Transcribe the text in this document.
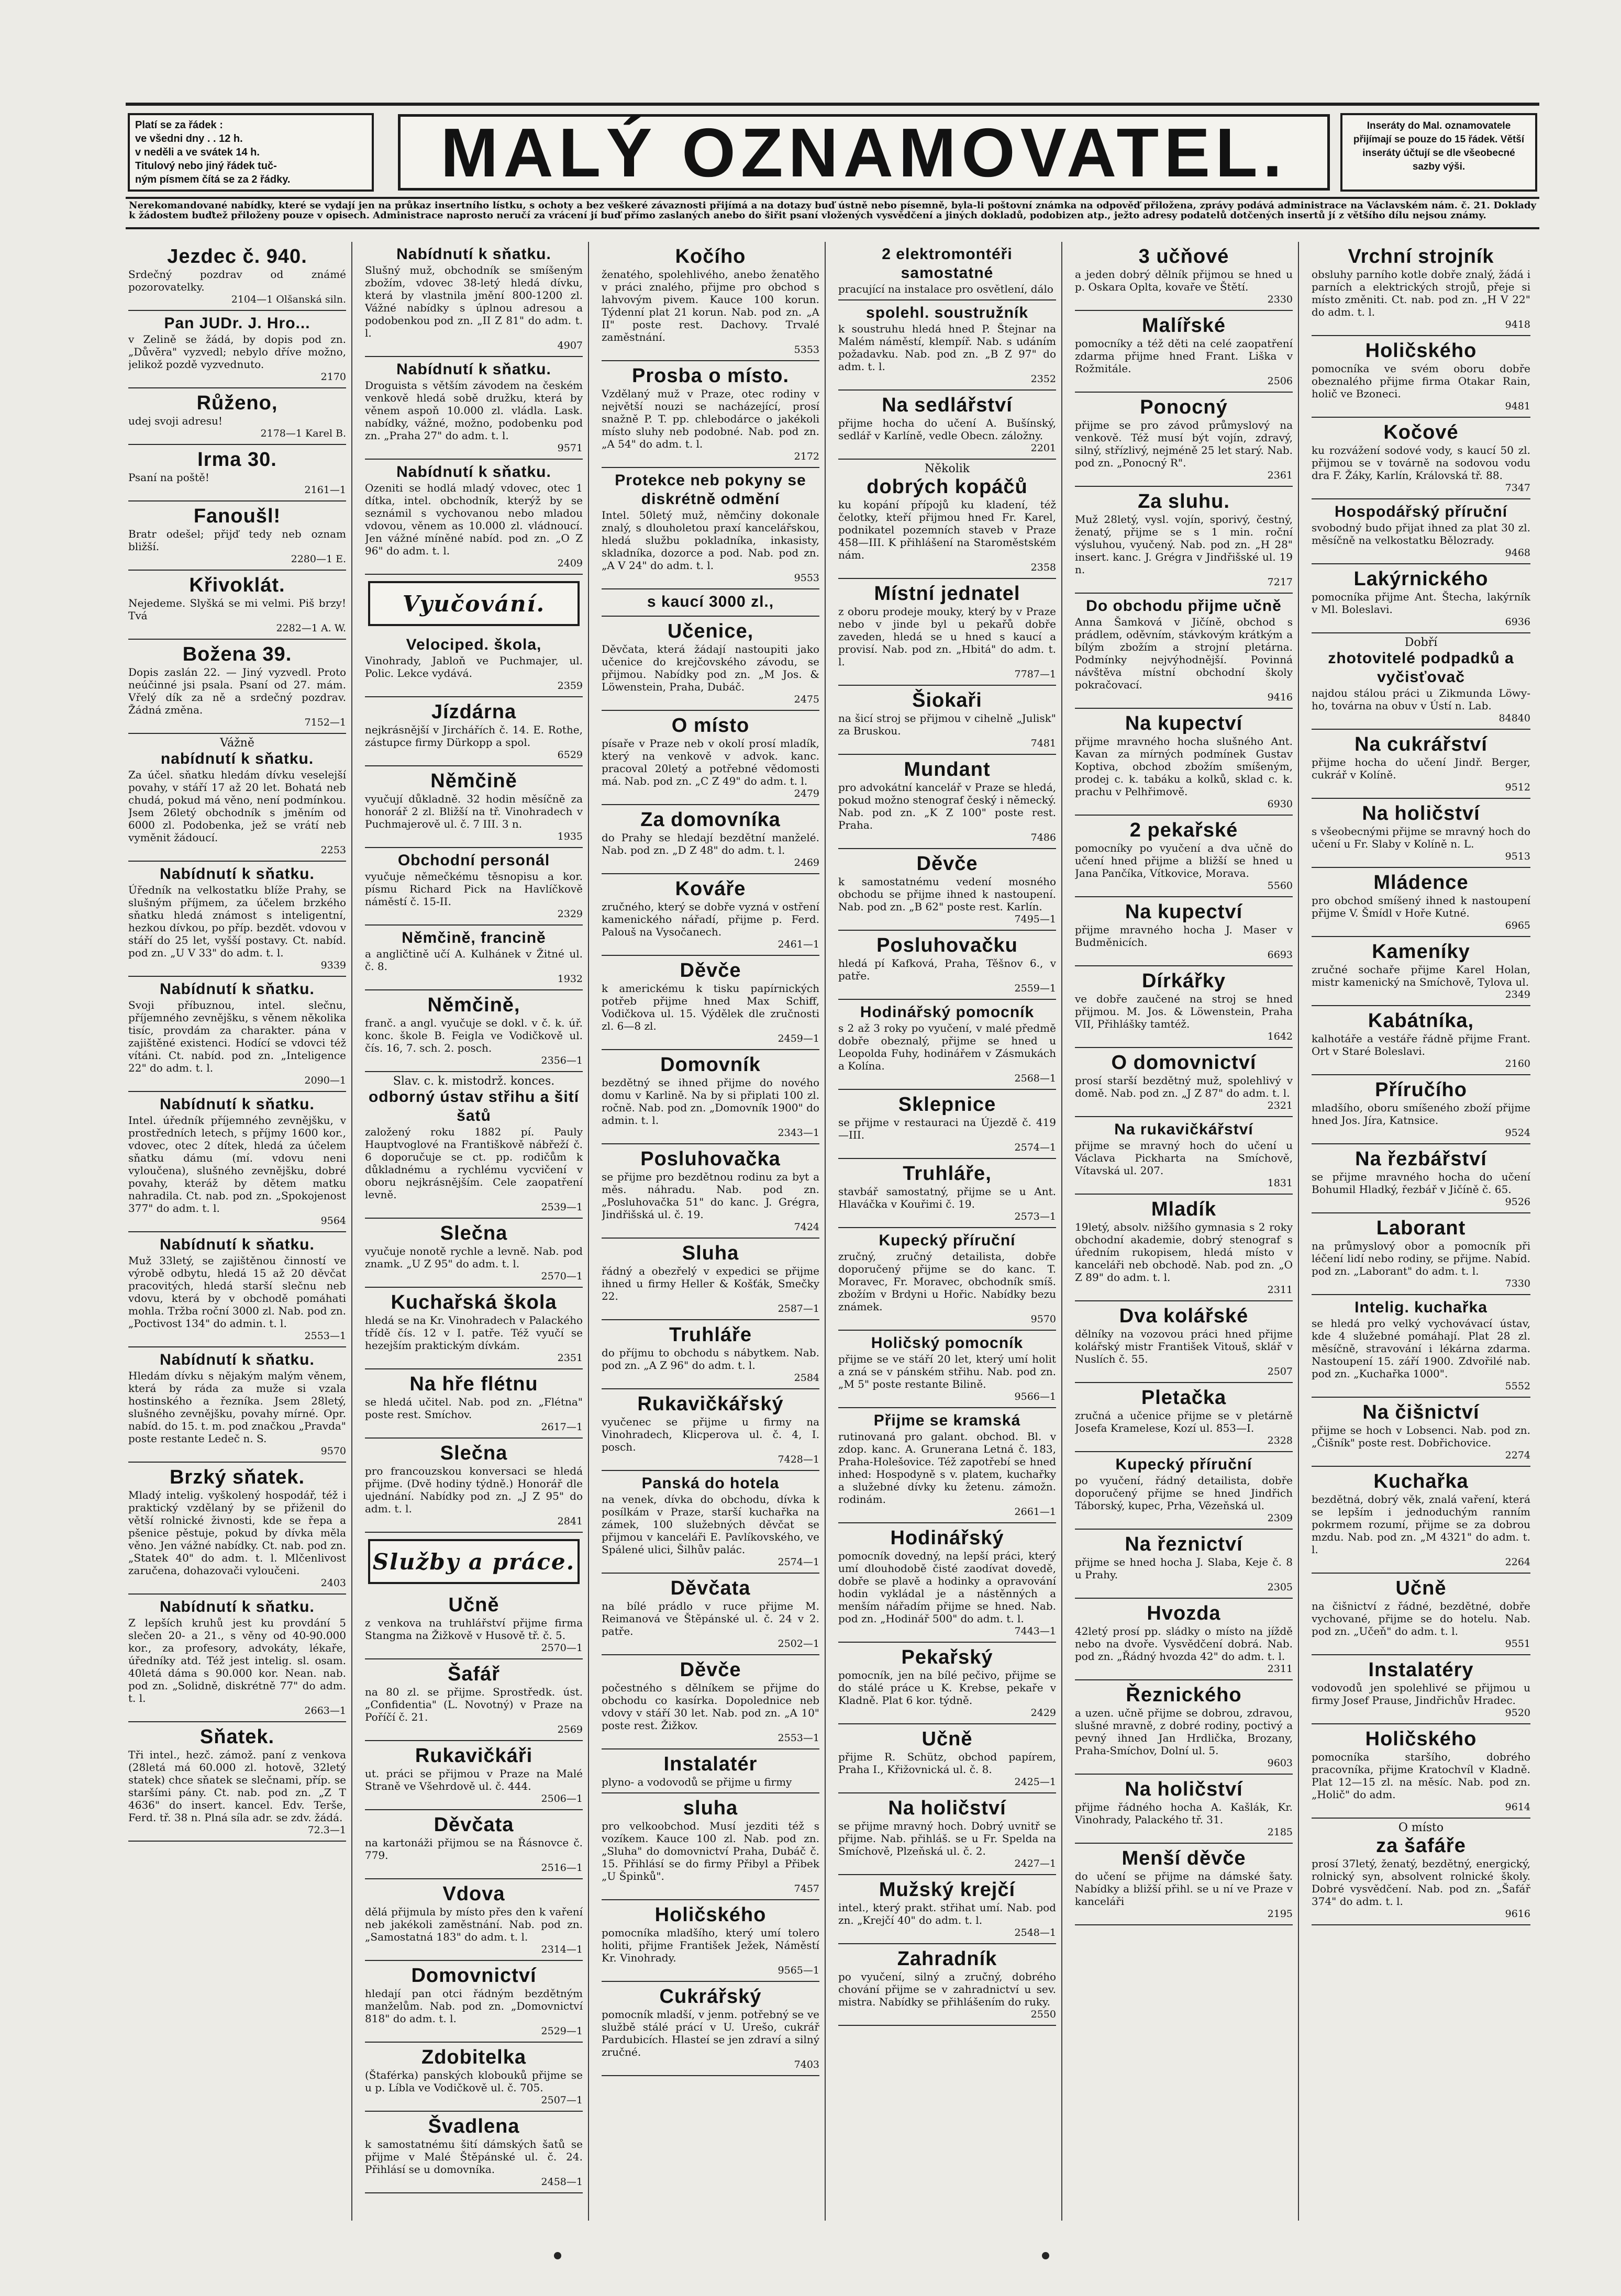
Platí se za řádek :
ve všedni dny . . 12 h.
v neděli a ve svátek 14 h.
Titulový nebo jiný řádek tuč-
ným písmem čítá se za 2 řádky.	MALÝ OZNAMOVATEL.	Inseráty do Mal. oznamovatele přijímají se pouze do 15 řádek. Větší inseráty účtují se dle všeobecné sazby výši.
Nerekomandované nabídky, které se vydají jen na průkaz insertního lístku, s ochoty a bez veškeré závaznosti přijímá a na dotazy buď ústně nebo písemně, byla-li poštovní známka na odpověď přiložena, zprávy podává administrace na Václavském nám. č. 21. Doklady k žádostem buďtež přiloženy pouze v opisech. Administrace naprosto neručí za vrácení jí buď přímo zaslaných anebo do šiřit psaní vložených vysvědčení a jiných dokladů, podobizen atp., ježto adresy podatelů dotčených insertů jí z většího dílu nejsou známy.
Jezdec č. 940.
Srdečný pozdrav od známé pozorovatelky.
2104—1 Olšanská siln.
Pan JUDr. J. Hro...
v Zelině se žádá, by dopis pod zn. „Důvěra" vyzvedl; nebylo dříve možno, jelikož pozdě vyzvednuto.
2170
Růženo,
udej svoji adresu!
2178—1 Karel B.
Irma 30.
Psaní na poště!
2161—1
Fanoušl!
Bratr odešel; přijď tedy neb oznam bližší.
2280—1 E.
Křivoklát.
Nejedeme. Slyšká se mi velmi. Piš brzy! Tvá
2282—1 A. W.
Božena 39.
Dopis zaslán 22. — Jiný vyzvedl. Proto neúčinné jsi psala. Psaní od 27. mám. Vřelý dík za ně a srdečný pozdrav. Žádná změna.
7152—1
Vážně
nabídnutí k sňatku.
Za účel. sňatku hledám dívku veselejší povahy, v stáří 17 až 20 let. Bohatá neb chudá, pokud má věno, není podmínkou. Jsem 26letý obchodník s jměním od 6000 zl. Podobenka, jež se vrátí neb vyměnit žádoucí.
2253
Nabídnutí k sňatku.
Úředník na velkostatku blíže Prahy, se slušným příjmem, za účelem brzkého sňatku hledá známost s inteligentní, hezkou dívkou, po příp. bezdět. vdovou v stáří do 25 let, vyšší postavy. Ct. nabíd. pod zn. „U V 33" do adm. t. l.
9339
Nabídnutí k sňatku.
Svoji příbuznou, intel. slečnu, příjemného zevnějšku, s věnem několika tisíc, provdám za charakter. pána v zajištěné existenci. Hodící se vdovci též vítáni. Ct. nabíd. pod zn. „Inteligence 22" do adm. t. l.
2090—1
Nabídnutí k sňatku.
Intel. úředník příjemného zevnějšku, v prostředních letech, s příjmy 1600 kor., vdovec, otec 2 dítek, hledá za účelem sňatku dámu (mí. vdovu neni vyloučena), slušného zevnějšku, dobré povahy, kteráž by dětem matku nahradila. Ct. nab. pod zn. „Spokojenost 377" do adm. t. l.
9564
Nabídnutí k sňatku.
Muž 33letý, se zajištěnou činností ve výrobě odbytu, hledá 15 až 20 děvčat pracovitých, hledá starší slečnu neb vdovu, která by v obchodě pomáhati mohla. Tržba roční 3000 zl. Nab. pod zn. „Poctivost 134" do admin. t. l.
2553—1
Nabídnutí k sňatku.
Hledám dívku s nějakým malým věnem, která by ráda za muže si vzala hostinského a řezníka. Jsem 28letý, slušného zevnějšku, povahy mírné. Opr. nabíd. do 15. t. m. pod značkou „Pravda" poste restante Ledeč n. S.
9570
Brzký sňatek.
Mladý intelig. vyškolený hospodář, též i praktický vzdělaný by se přiženil do větší rolnické živnosti, kde se řepa a pšenice pěstuje, pokud by dívka měla věno. Jen vážné nabídky. Ct. nab. pod zn. „Statek 40" do adm. t. l. Mlčenlivost zaručena, dohazovači vyloučeni.
2403
Nabídnutí k sňatku.
Z lepších kruhů jest ku provdání 5 slečen 20- a 21., s věny od 40-90.000 kor., za profesory, advokáty, lékaře, úředníky atd. Též jest intelig. sl. osam. 40letá dáma s 90.000 kor. Nean. nab. pod zn. „Solidně, diskrétně 77" do adm. t. l.
2663—1
Sňatek.
Tři intel., hezč. zámož. paní z venkova (28letá má 60.000 zl. hotově, 32letý statek) chce sňatek se slečnami, příp. se staršími pány. Ct. nab. pod zn. „Z T 4636" do insert. kancel. Edv. Terše, Ferd. tř. 38 n. Plná síla adr. se zdv. žádá.
72.3—1
Nabídnutí k sňatku.
Slušný muž, obchodník se smíšeným zbožím, vdovec 38-letý hledá dívku, která by vlastnila jmění 800-1200 zl. Vážné nabídky s úplnou adresou a podobenkou pod zn. „II Z 81" do adm. t. l.
4907
Nabídnutí k sňatku.
Droguista s větším závodem na českém venkově hledá sobě družku, která by věnem aspoň 10.000 zl. vládla. Lask. nabídky, vážné, možno, podobenku pod zn. „Praha 27" do adm. t. l.
9571
Nabídnutí k sňatku.
Ozeniti se hodlá mladý vdovec, otec 1 dítka, intel. obchodník, kterýž by se seznámil s vychovanou nebo mladou vdovou, věnem as 10.000 zl. vládnoucí. Jen vážné míněné nabíd. pod zn. „O Z 96" do adm. t. l.
2409
Vyučování.
Velociped. škola,
Vinohrady, Jabloň ve Puchmajer, ul. Polic. Lekce vydává.
2359
Jízdárna
nejkrásnější v Jirchářích č. 14. E. Rothe, zástupce firmy Dürkopp a spol.
6529
Němčině
vyučují důkladně. 32 hodin měsíčně za honorář 2 zl. Bližší na tř. Vinohradech v Puchmajerově ul. č. 7 III. 3 n.
1935
Obchodní personál
vyučuje němečkému těsnopisu a kor. písmu Richard Pick na Havlíčkově náměstí č. 15-II.
2329
Němčině, francině
a angličtině učí A. Kulhánek v Žitné ul. č. 8.
1932
Němčině,
franč. a angl. vyučuje se dokl. v č. k. úř. konc. škole B. Feigla ve Vodičkově ul. čís. 16, 7. sch. 2. posch.
2356—1
Slav. c. k. mistodrž. konces.
odborný ústav střihu a šití šatů
založený roku 1882 pí. Pauly Hauptvoglové na Františkově nábřeží č. 6 doporučuje se ct. pp. rodičům k důkladnému a rychlému vycvičení v oboru nejkrásnějším. Cele zaopatření levně.
2539—1
Slečna
vyučuje nonotě rychle a levně. Nab. pod znamk. „U Z 95" do adm. t. l.
2570—1
Kuchařská škola
hledá se na Kr. Vinohradech v Palackého třídě čís. 12 v I. patře. Též vyučí se hezejším praktickým dívkám.
2351
Na hře flétnu
se hledá učitel. Nab. pod zn. „Flétna" poste rest. Smíchov.
2617—1
Slečna
pro francouzskou konversaci se hledá přijme. (Dvě hodiny týdně.) Honorář dle ujednání. Nabídky pod zn. „J Z 95" do adm. t. l.
2841
Služby a práce.
Učně
z venkova na truhlářství přijme firma Stangma na Žižkově v Husově tř. č. 5.
2570—1
Šafář
na 80 zl. se přijme. Sprostředk. úst. „Confidentia" (L. Novotný) v Praze na Poříčí č. 21.
2569
Rukavičkáři
ut. práci se přijmou v Praze na Malé Straně ve Všehrdově ul. č. 444.
2506—1
Děvčata
na kartonáži přijmou se na Řásnovce č. 779.
2516—1
Vdova
dělá přijmula by místo přes den k vaření neb jakékoli zaměstnání. Nab. pod zn. „Samostatná 183" do adm. t. l.
2314—1
Domovnictví
hledají pan otci řádným bezdětným manželům. Nab. pod zn. „Domovnictví 818" do adm. t. l.
2529—1
Zdobitelka
(Štaférka) panských klobouků přijme se u p. Líbla ve Vodičkově ul. č. 705.
2507—1
Švadlena
k samostatnému šití dámských šatů se přijme v Malé Štěpánské ul. č. 24. Přihlásí se u domovníka.
2458—1
Kočího
ženatého, spolehlivého, anebo ženatěho v práci znalého, přijme pro obchod s lahvovým pivem. Kauce 100 korun. Týdenní plat 21 korun. Nab. pod zn. „A II" poste rest. Dachovy. Trvalé zaměstnání.
5353
Prosba o místo.
Vzdělaný muž v Praze, otec rodiny v největší nouzi se nacházející, prosí snažně P. T. pp. chlebodárce o jakékoli místo sluhy neb podobné. Nab. pod zn. „A 54" do adm. t. l.
2172
Protekce neb pokyny se diskrétně odmění
Intel. 50letý muž, němčiny dokonale znalý, s dlouholetou praxí kancelářskou, hledá službu pokladníka, inkasisty, skladníka, dozorce a pod. Nab. pod zn. „A V 24" do adm. t. l.
9553
s kaucí 3000 zl.,
Učenice,
Děvčata, která žádají nastoupiti jako učenice do krejčovského závodu, se přijmou. Nabídky pod zn. „M Jos. & Löwenstein, Praha, Dubáč.
2475
O místo
písaře v Praze neb v okolí prosí mladík, který na venkově v advok. kanc. pracoval 20letý a potřebné vědomosti má. Nab. pod zn. „C Z 49" do adm. t. l.
2479
Za domovníka
do Prahy se hledají bezdětní manželé. Nab. pod zn. „D Z 48" do adm. t. l.
2469
Kováře
zručného, který se dobře vyzná v ostření kamenického nářadí, přijme p. Ferd. Palouš na Vysočanech.
2461—1
Děvče
k americkému k tisku papírnických potřeb přijme hned Max Schiff, Vodičkova ul. 15. Výdělek dle zručnosti zl. 6—8 zl.
2459—1
Domovník
bezdětný se ihned přijme do nového domu v Karlině. Na by si připlati 100 zl. ročně. Nab. pod zn. „Domovník 1900" do admin. t. l.
2343—1
Posluhovačka
se přijme pro bezdětnou rodinu za byt a měs. náhradu. Nab. pod zn. „Posluhovačka 51" do kanc. J. Grégra, Jindřišská ul. č. 19.
7424
Sluha
řádný a obezřelý v expedici se přijme ihned u firmy Heller & Košťák, Smečky 22.
2587—1
Truhláře
do příjmu to obchodu s nábytkem. Nab. pod zn. „A Z 96" do adm. t. l.
2584
Rukavičkářský
vyučenec se přijme u firmy na Vinohradech, Klicperova ul. č. 4, I. posch.
7428—1
Panská do hotela
na venek, dívka do obchodu, dívka k posílkám v Praze, starší kuchařka na zámek, 100 služebných děvčat se přijmou v kanceláři E. Pavlíkovského, ve Spálené ulici, Šilhův palác.
2574—1
Děvčata
na bílé prádlo v ruce přijme M. Reimanová ve Štěpánské ul. č. 24 v 2. patře.
2502—1
Děvče
počestného s dělníkem se přijme do obchodu co kasírka. Dopolednice neb vdovy v stáří 30 let. Nab. pod zn. „A 10" poste rest. Žižkov.
2553—1
Instalatér
plyno- a vodovodů se přijme u firmy
sluha
pro velkoobchod. Musí jezditi též s vozíkem. Kauce 100 zl. Nab. pod zn. „Sluha" do domovnictví Praha, Dubáč č. 15. Přihlásí se do firmy Přibyl a Přibek „U Špinků".
7457
Holičského
pomocníka mladšího, který umí tolero holiti, přijme František Ježek, Náměstí Kr. Vinohrady.
9565—1
Cukrářský
pomocník mladší, v jenm. potřebný se ve službě stálé prácí v U. Urešo, cukrář Pardubicích. Hlasteí se jen zdraví a silný zručné.
7403
2 elektromontéři samostatné
pracující na instalace pro osvětlení, dálo
spolehl. soustružník
k soustruhu hledá hned P. Štejnar na Malém náměstí, klempíř. Nab. s udáním požadavku. Nab. pod zn. „B Z 97" do adm. t. l.
2352
Na sedlářství
přijme hocha do učení A. Bušínský, sedlář v Karlíně, vedle Obecn. záložny.
2201
Několik
dobrých kopáčů
ku kopání přípojů ku kladení, též čelotky, kteří přijmou hned Fr. Karel, podnikatel pozemních staveb v Praze 458—III. K přihlášení na Staroměstském nám.
2358
Místní jednatel
z oboru prodeje mouky, který by v Praze nebo v jinde byl u pekařů dobře zaveden, hledá se u hned s kaucí a provisí. Nab. pod zn. „Hbitá" do adm. t. l.
7787—1
Šiokaři
na šicí stroj se přijmou v cihelně „Julisk" za Bruskou.
7481
Mundant
pro advokátní kancelář v Praze se hledá, pokud možno stenograf český i německý. Nab. pod zn. „K Z 100" poste rest. Praha.
7486
Děvče
k samostatnému vedení mosného obchodu se přijme ihned k nastoupení. Nab. pod zn. „B 62" poste rest. Karlín.
7495—1
Posluhovačku
hledá pí Kafková, Praha, Těšnov 6., v patře.
2559—1
Hodinářský pomocník
s 2 až 3 roky po vyučení, v malé předmě dobře obeznalý, přijme se hned u Leopolda Fuhy, hodinářem v Zásmukách a Kolína.
2568—1
Sklepnice
se přijme v restauraci na Újezdě č. 419—III.
2574—1
Truhláře,
stavbář samostatný, přijme se u Ant. Hlaváčka v Kouřimi č. 19.
2573—1
Kupecký příruční
zručný, zručný detailista, dobře doporučený přijme se do kanc. T. Moravec, Fr. Moravec, obchodník smíš. zbožím v Brdyni u Hořic. Nabídky bezu známek.
9570
Holičský pomocník
přijme se ve stáří 20 let, který umí holit a zná se v pánském střihu. Nab. pod zn. „M 5" poste restante Bilině.
9566—1
Přijme se kramská
rutinovaná pro galant. obchod. Bl. v zdop. kanc. A. Grunerana Letná č. 183, Praha-Holešovice. Též zapotřebí se hned inhed: Hospodyně s v. platem, kuchařky a služebné dívky ku žetenu. zámožn. rodinám.
2661—1
Hodinářský
pomocník dovedný, na lepší práci, který umí dlouhodobě čisté zaodívat dovedě, dobře se plavě a hodinky a opravování hodin vykládal je a nástěnných a menším nářadím přijme se hned. Nab. pod zn. „Hodinář 500" do adm. t. l.
7443—1
Pekařský
pomocník, jen na bílé pečivo, přijme se do stálé práce u K. Krebse, pekaře v Kladně. Plat 6 kor. týdně.
2429
Učně
přijme R. Schütz, obchod papírem, Praha I., Křižovnická ul. č. 8.
2425—1
Na holičství
se přijme mravný hoch. Dobrý uvnitř se přijme. Nab. přihláš. se u Fr. Spelda na Smíchově, Plzeňská ul. č. 2.
2427—1
Mužský krejčí
intel., který prakt. střihat umí. Nab. pod zn. „Krejčí 40" do adm. t. l.
2548—1
Zahradník
po vyučení, silný a zručný, dobrého chování přijme se v zahradnictví u sev. mistra. Nabídky se přihlášením do ruky.
2550
3 učňové
a jeden dobrý dělník přijmou se hned u p. Oskara Oplta, kovaře ve Štětí.
2330
Malířské
pomocníky a též děti na celé zaopatření zdarma přijme hned Frant. Liška v Rožmitále.
2506
Ponocný
přijme se pro závod průmyslový na venkově. Též musí být vojín, zdravý, silný, střízlivý, nejméně 25 let starý. Nab. pod zn. „Ponocný R".
2361
Za sluhu.
Muž 28letý, vysl. vojín, sporivý, čestný, ženatý, přijme se s 1 min. roční výsluhou, vyučený. Nab. pod zn. „H 28" insert. kanc. J. Grégra v Jindřišské ul. 19 n.
7217
Do obchodu přijme učně
Anna Šamková v Jičíně, obchod s prádlem, oděvním, stávkovým krátkým a bílým zbožím a strojní pletárna. Podmínky nejvýhodnější. Povinná návštěva místní obchodní školy pokračovací.
9416
Na kupectví
přijme mravného hocha slušného Ant. Kavan za mírných podmínek Gustav Koptiva, obchod zbožím smíšeným, prodej c. k. tabáku a kolků, sklad c. k. prachu v Pelhřimově.
6930
2 pekařské
pomocníky po vyučení a dva učně do učení hned přijme a bližší se hned u Jana Pančíka, Vítkovice, Morava.
5560
Na kupectví
přijme mravného hocha J. Maser v Budměnicích.
6693
Dírkářky
ve dobře zaučené na stroj se hned přijmou. M. Jos. & Löwenstein, Praha VII, Přihlášky tamtéž.
1642
O domovnictví
prosí starší bezdětný muž, spolehlivý v domě. Nab. pod zn. „J Z 87" do adm. t. l.
2321
Na rukavičkářství
přijme se mravný hoch do učení u Václava Pickharta na Smíchově, Vítavská ul. 207.
1831
Mladík
19letý, absolv. nižšího gymnasia s 2 roky obchodní akademie, dobrý stenograf s úředním rukopisem, hledá místo v kanceláři neb obchodě. Nab. pod zn. „O Z 89" do adm. t. l.
2311
Dva kolářské
dělníky na vozovou práci hned přijme kolářský mistr František Vitouš, sklář v Nuslích č. 55.
2507
Pletačka
zručná a učenice přijme se v pletárně Josefa Kramelese, Kozí ul. 853—I.
2328
Kupecký příruční
po vyučení, řádný detailista, dobře doporučený přijme se hned Jindřich Táborský, kupec, Prha, Vězeňská ul.
2309
Na řeznictví
přijme se hned hocha J. Slaba, Keje č. 8 u Prahy.
2305
Hvozda
42letý prosí pp. sládky o místo na jíždě nebo na dvoře. Vysvědčení dobrá. Nab. pod zn. „Řádný hvozda 42" do adm. t. l.
2311
Řeznického
a uzen. učně přijme se dobrou, zdravou, slušné mravně, z dobré rodiny, poctivý a pevný ihned Jan Hrdlička, Brozany, Praha-Smíchov, Dolní ul. 5.
9603
Na holičství
přijme řádného hocha A. Kašlák, Kr. Vinohrady, Palackého tř. 31.
2185
Menší děvče
do učení se přijme na dámské šaty. Nabídky a bližší přihl. se u ní ve Praze v kanceláři
2195
Vrchní strojník
obsluhy parního kotle dobře znalý, žádá i parních a elektrických strojů, přeje si místo změniti. Ct. nab. pod zn. „H V 22" do adm. t. l.
9418
Holičského
pomocníka ve svém oboru dobře obeznalého přijme firma Otakar Rain, holič ve Bzoneci.
9481
Kočové
ku rozvážení sodové vody, s kaucí 50 zl. přijmou se v továrně na sodovou vodu dra F. Žáky, Karlín, Královská tř. 88.
7347
Hospodářský příruční
svobodný budo přijat ihned za plat 30 zl. měsíčně na velkostatku Bělozrady.
9468
Lakýrnického
pomocníka přijme Ant. Štecha, lakýrník v Ml. Boleslavi.
6936
Dobří
zhotovitelé podpadků a vyčisťovač
najdou stálou práci u Zikmunda Löwy-ho, továrna na obuv v Ústí n. Lab.
84840
Na cukrářství
přijme hocha do učení Jindř. Berger, cukrář v Kolíně.
9512
Na holičství
s všeobecnými přijme se mravný hoch do učení u Fr. Slaby v Kolíně n. L.
9513
Mládence
pro obchod smíšený ihned k nastoupení přijme V. Šmídl v Hoře Kutné.
6965
Kameníky
zručné sochaře přijme Karel Holan, mistr kamenický na Smíchově, Tylova ul.
2349
Kabátníka,
kalhotáře a vestáře řádně přijme Frant. Ort v Staré Boleslavi.
2160
Příručího
mladšího, oboru smíšeného zboží přijme hned Jos. Jíra, Katnsice.
9524
Na řezbářství
se přijme mravného hocha do učení Bohumil Hladký, řezbář v Jičíně č. 65.
9526
Laborant
na průmyslový obor a pomocník při léčení lidí nebo rodiny, se přijme. Nabíd. pod zn. „Laborant" do adm. t. l.
7330
Intelig. kuchařka
se hledá pro velký vychovávací ústav, kde 4 služebné pomáhají. Plat 28 zl. měsíčně, stravování i lékárna zdarma. Nastoupení 15. září 1900. Zdvořilé nab. pod zn. „Kuchařka 1000".
5552
Na čišnictví
přijme se hoch v Lobsenci. Nab. pod zn. „Čišník" poste rest. Dobřichovice.
2274
Kuchařka
bezdětná, dobrý věk, znalá vaření, která se lepším i jednoduchým ranním pokrmem rozumí, přijme se za dobrou mzdu. Nab. pod zn. „M 4321" do adm. t. l.
2264
Učně
na čišnictví z řádné, bezdětné, dobře vychované, přijme se do hotelu. Nab. pod zn. „Učeň" do adm. t. l.
9551
Instalatéry
vodovodů jen spolehlivé se přijmou u firmy Josef Prause, Jindřichův Hradec.
9520
Holičského
pomocníka staršího, dobrého pracovníka, přijme Kratochvíl v Kladně. Plat 12—15 zl. na měsíc. Nab. pod zn. „Holič" do adm.
9614
O místo
za šafáře
prosí 37letý, ženatý, bezdětný, energický, rolnický syn, absolvent rolnické školy. Dobré vysvědčení. Nab. pod zn. „Šafář 374" do adm. t. l.
9616
